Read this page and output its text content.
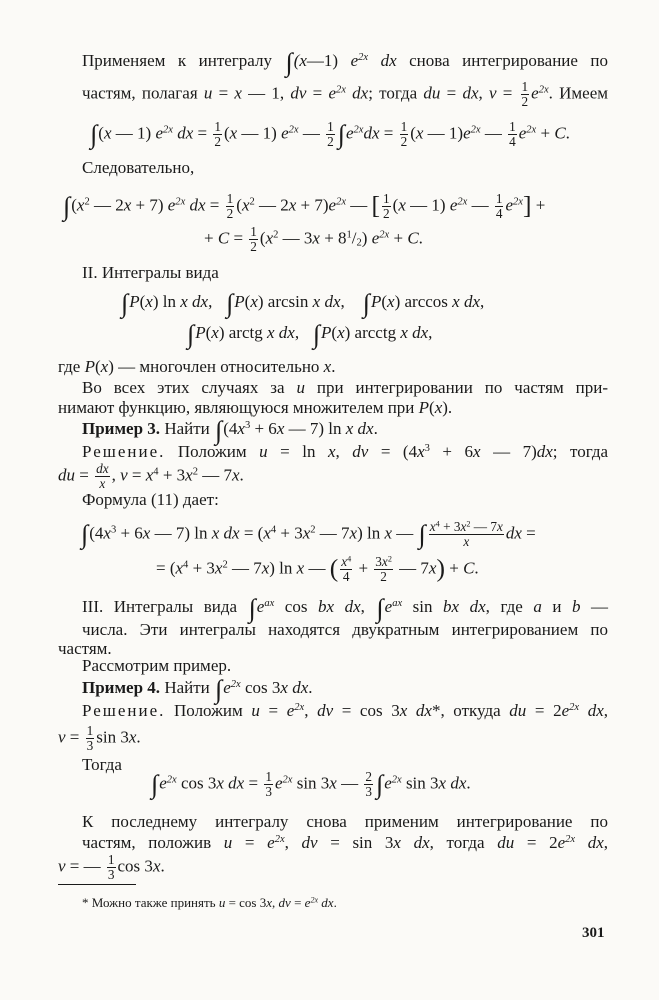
Применяем к интегралу ∫(x—1) $e^{2x}$ dx снова интегрирование по
частям, полагая u = x — 1, dv = $e^{2x}$ dx; тогда du = dx, $v = \frac{1}{2} e^{2x}$. Имеем
∫(x — 1) $e^{2x}$ dx = $\frac{1}{2} (x$ — 1) $e^{2x}$ — $\frac{1}{2} \int e^{2x}dx = \frac{1}{2} (x$ — $1)e^{2x}$ — $\frac{1}{4} e^{2x} + C$.
Следовательно,
$\int(x^2$ — 2x + 7) $e^{2x}$ dx = $\frac{1}{2} (x^2$ — $2x + 7)e^{2x}$ — [ $\frac{1}{2} (x$ — 1) $e^{2x}$ — $\frac{1}{4} e^{2x}$] +
+ $C = \frac{1}{2} (x^2$ — $3x + 8^1/_2$) $e^{2x} + C$.
II. Интегралы вида
∫P(x) ln x dx,   ∫P(x) arcsin x dx,    ∫P(x) arccos x dx,
∫P(x) arctg x dx,   ∫P(x) arcctg x dx,
где P(x) — многочлен относительно x.
Во всех этих случаях за u при интегрировании по частям при-
нимают функцию, являющуюся множителем при P(x).
Пример 3. Найти $\int(4x^3 + 6x$ — 7) ln x dx.
Решение. Положим u = ln x, dv = ($4x^3 + 6x$ — 7)dx; тогда
du = $\frac{dx}{x}$ , $v = x^4 + 3x^2$ — 7x.
Формула (11) дает:
$\int(4x^3 + 6x$ — 7) ln x dx = ($x^4 + 3x^2$ — 7x) ln x — ∫ $\frac{x^4 + 3x^2 — 7x}{x}$ dx =
= ($x^4 + 3x^2$ — 7x) ln x — ( $\frac{x^4}{4} + \frac{3x^2}{2}$ — 7x) + C.
III. Интегралы вида $\int e^{ax}$ cos bx dx, $\int e^{ax}$ sin bx dx, где a и b —
числа. Эти интегралы находятся двукратным интегрированием по
частям.
Рассмотрим пример.
Пример 4. Найти $\int e^{2x}$ cos 3x dx.
Решение. Положим $u = e^{2x}$, dv = cos 3x dx*, откуда du = $2e^{2x}$ dx,
$v = \frac{1}{3}$ sin 3x.
Тогда
$\int e^{2x}$ cos 3x dx = $\frac{1}{3} e^{2x}$ sin 3x — $\frac{2}{3} \int e^{2x}$ sin 3x dx.
К последнему интегралу снова применим интегрирование по
частям, положив $u = e^{2x}$, dv = sin 3x dx, тогда du = $2e^{2x}$ dx,
v = — $\frac{1}{3}$ cos 3x.
* Можно также принять u = cos 3x, dv = $e^{2x}$ dx.
301
